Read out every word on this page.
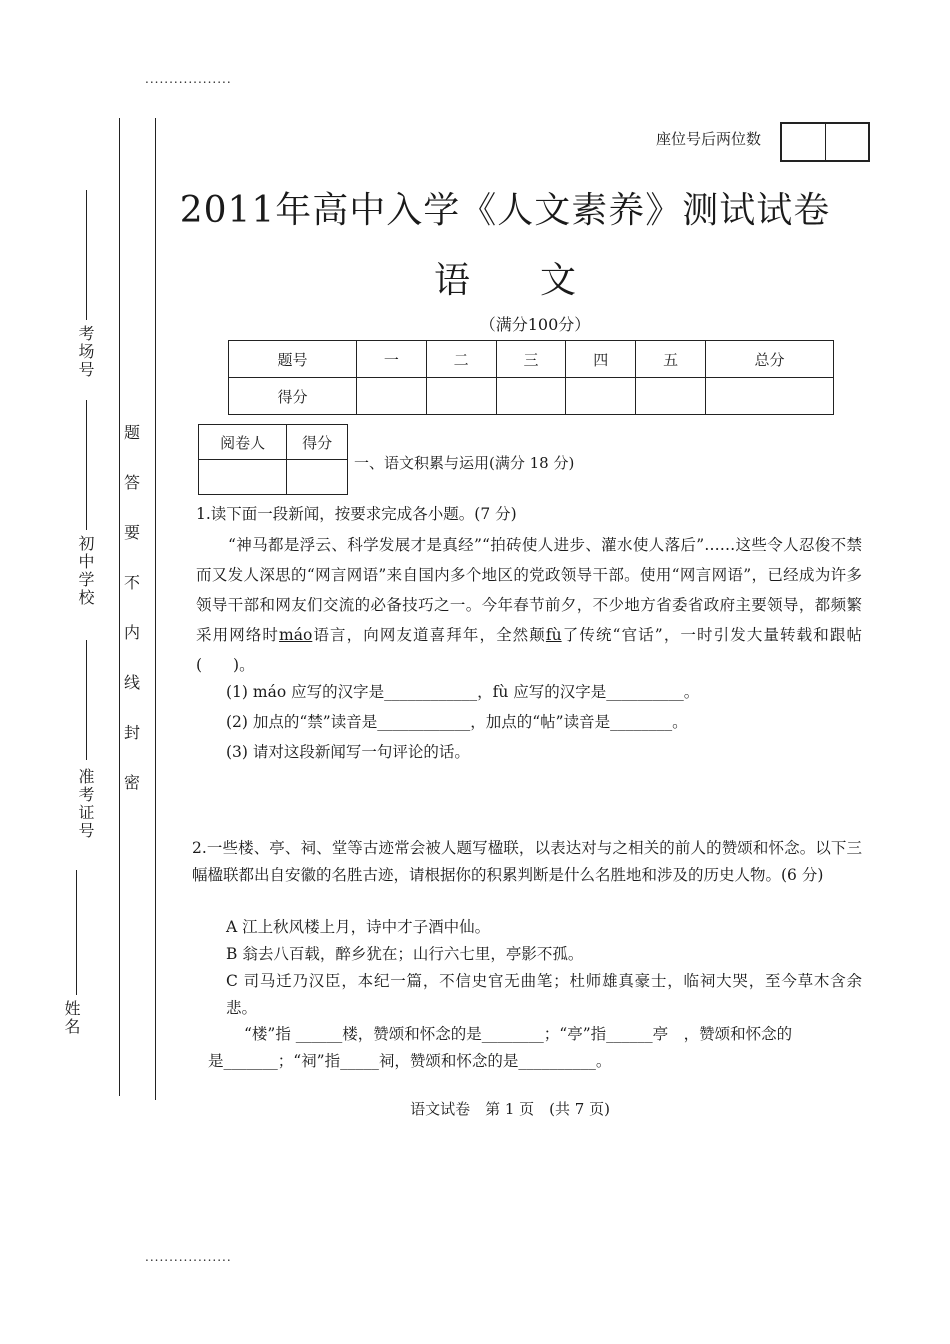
..................
考场号
初中学校
准考证号
姓名
题
答
要
不
内
线
封
密
座位号后两位数
2011年高中入学《人文素养》测试试卷
语文
（满分100分）
题号	一	二	三	四	五	总分
得分						
阅卷人	得分

一、语文积累与运用(满分 18 分)
1.读下面一段新闻，按要求完成各小题。(7 分)
“神马都是浮云、科学发展才是真经”“拍砖使人进步、灌水使人落后”……这些令人忍俊不禁而又发人深思的“网言网语”来自国内多个地区的党政领导干部。使用“网言网语”，已经成为许多领导干部和网友们交流的必备技巧之一。今年春节前夕，不少地方省委省政府主要领导，都频繁采用网络时máo语言，向网友道喜拜年，全然颠fù了传统“官话”，一时引发大量转载和跟帖(　　)。
(1) máo 应写的汉字是____________，fù 应写的汉字是__________。
(2) 加点的“禁”读音是____________，加点的“帖”读音是________。
(3) 请对这段新闻写一句评论的话。
2.一些楼、亭、祠、堂等古迹常会被人题写楹联，以表达对与之相关的前人的赞颂和怀念。以下三幅楹联都出自安徽的名胜古迹，请根据你的积累判断是什么名胜地和涉及的历史人物。(6 分)
A 江上秋风楼上月，诗中才子酒中仙。
B 翁去八百载，醉乡犹在；山行六七里，亭影不孤。
C 司马迁乃汉臣，本纪一篇，不信史官无曲笔；杜师雄真豪士，临祠大哭，至今草木含余悲。
“楼”指 ______楼，赞颂和怀念的是________；“亭”指______亭　，赞颂和怀念的
是_______；“祠”指_____祠，赞颂和怀念的是__________。
语文试卷　第 1 页　(共 7 页)
..................
